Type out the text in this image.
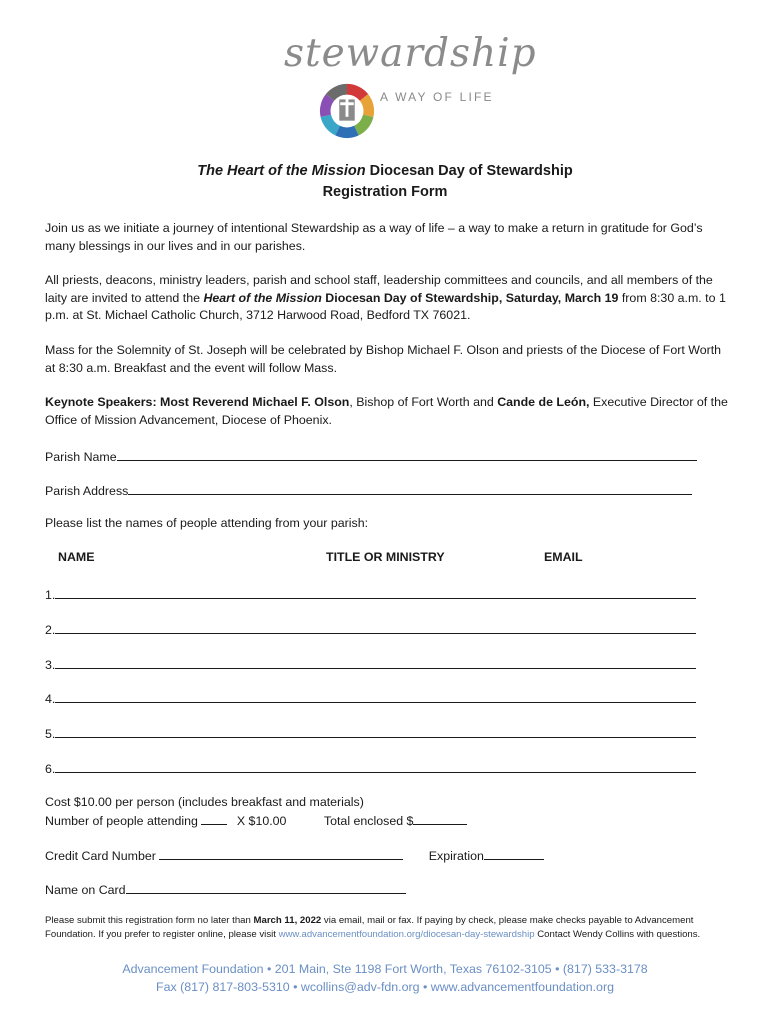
stewardship
A WAY OF LIFE
The Heart of the Mission Diocesan Day of Stewardship
Registration Form

Join us as we initiate a journey of intentional Stewardship as a way of life – a way to make a return in gratitude for God’s many blessings in our lives and in our parishes.

All priests, deacons, ministry leaders, parish and school staff, leadership committees and councils, and all members of the laity are invited to attend the Heart of the Mission Diocesan Day of Stewardship, Saturday, March 19 from 8:30 a.m. to 1 p.m. at St. Michael Catholic Church, 3712 Harwood Road, Bedford TX 76021.

Mass for the Solemnity of St. Joseph will be celebrated by Bishop Michael F. Olson and priests of the Diocese of Fort Worth at 8:30 a.m. Breakfast and the event will follow Mass.

Keynote Speakers: Most Reverend Michael F. Olson, Bishop of Fort Worth and Cande de León, Executive Director of the Office of Mission Advancement, Diocese of Phoenix.

Parish Name
Parish Address
Please list the names of people attending from your parish:
NAME	TITLE OR MINISTRY	EMAIL
1.
2.
3.
4.
5.
6.
Cost $10.00 per person (includes breakfast and materials)
Number of people attending	X $10.00	Total enclosed $
Credit Card Number	Expiration
Name on Card

Please submit this registration form no later than March 11, 2022 via email, mail or fax. If paying by check, please make checks payable to Advancement Foundation. If you prefer to register online, please visit www.advancementfoundation.org/diocesan-day-stewardship Contact Wendy Collins with questions.

Advancement Foundation • 201 Main, Ste 1198 Fort Worth, Texas 76102-3105 • (817) 533-3178
Fax (817) 817-803-5310 • wcollins@adv-fdn.org • www.advancementfoundation.org
